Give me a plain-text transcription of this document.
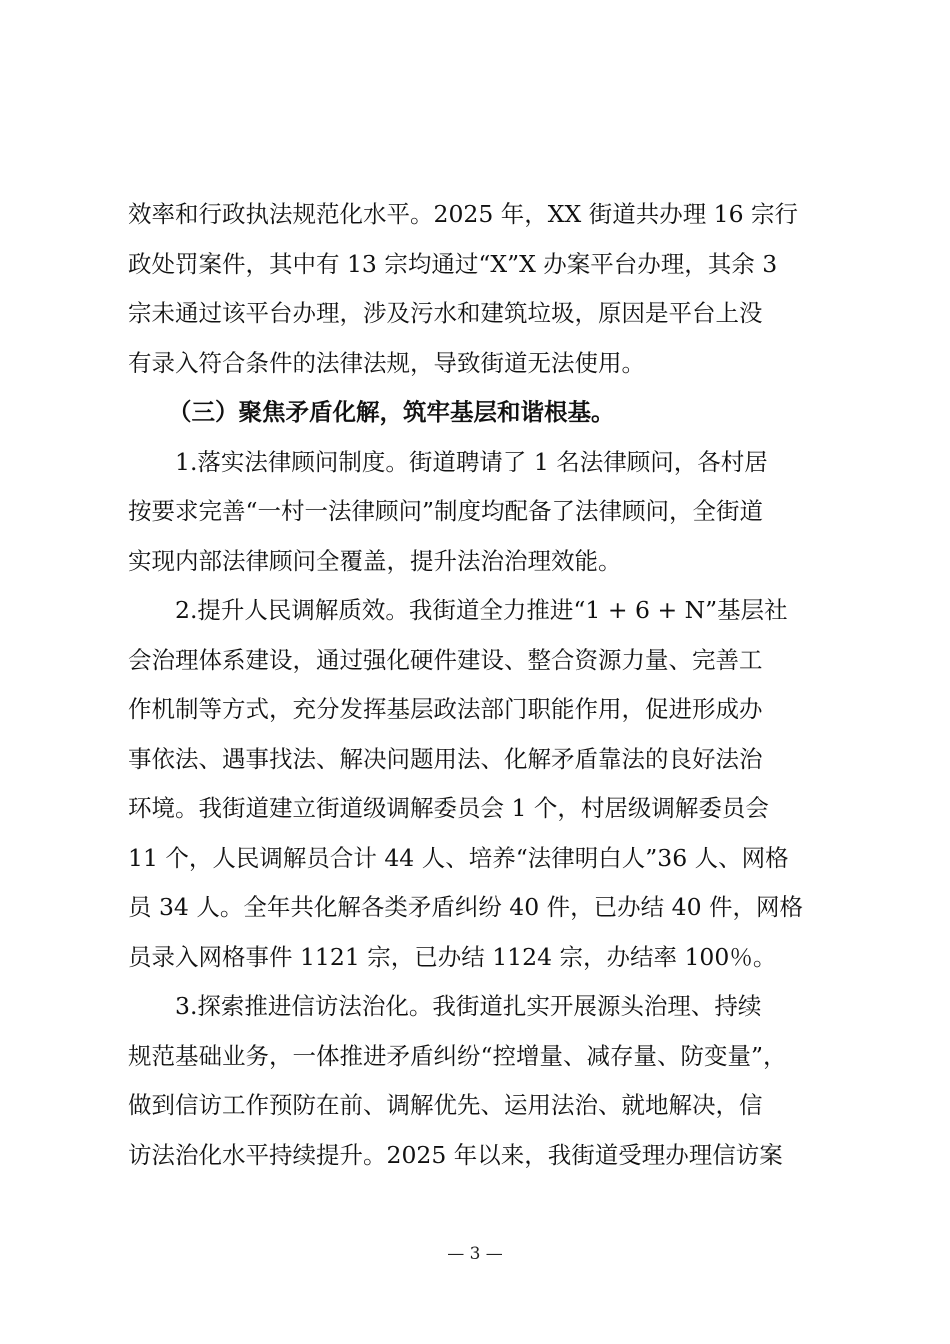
效率和行政执法规范化水平。2025 年，XX 街道共办理 16 宗行
政处罚案件，其中有 13 宗均通过“X”X 办案平台办理，其余 3
宗未通过该平台办理，涉及污水和建筑垃圾，原因是平台上没
有录入符合条件的法律法规，导致街道无法使用。
（三）聚焦矛盾化解，筑牢基层和谐根基。
1.落实法律顾问制度。街道聘请了 1 名法律顾问，各村居
按要求完善“一村一法律顾问”制度均配备了法律顾问，全街道
实现内部法律顾问全覆盖，提升法治治理效能。
2.提升人民调解质效。我街道全力推进“1 + 6 + N”基层社
会治理体系建设，通过强化硬件建设、整合资源力量、完善工
作机制等方式，充分发挥基层政法部门职能作用，促进形成办
事依法、遇事找法、解决问题用法、化解矛盾靠法的良好法治
环境。我街道建立街道级调解委员会 1 个，村居级调解委员会
11 个，人民调解员合计 44 人、培养“法律明白人”36 人、网格
员 34 人。全年共化解各类矛盾纠纷 40 件，已办结 40 件，网格
员录入网格事件 1121 宗，已办结 1124 宗，办结率 100％。
3.探索推进信访法治化。我街道扎实开展源头治理、持续
规范基础业务，一体推进矛盾纠纷“控增量、减存量、防变量”，
做到信访工作预防在前、调解优先、运用法治、就地解决，信
访法治化水平持续提升。2025 年以来，我街道受理办理信访案
— 3 —
